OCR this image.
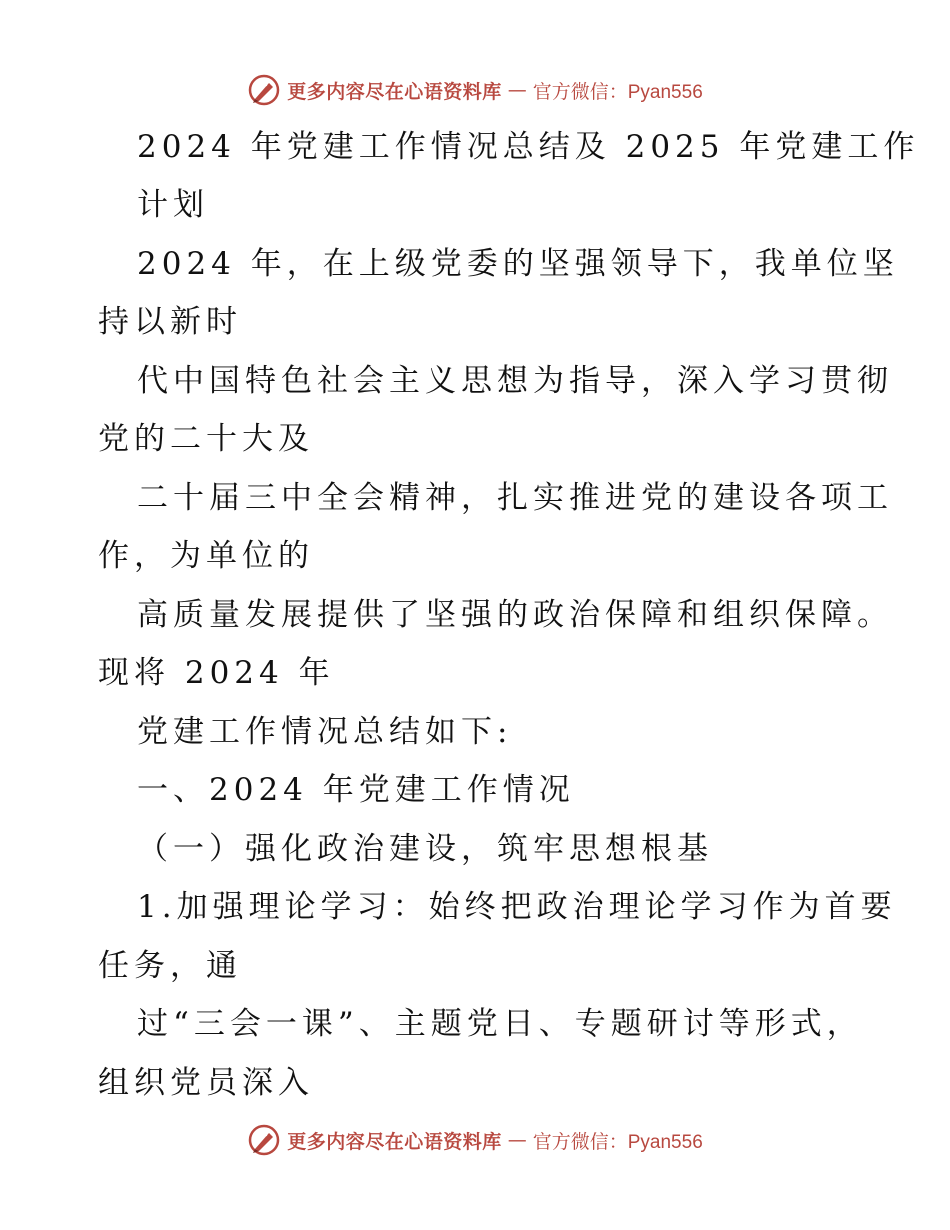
更多内容尽在心语资料库 — 官方微信：Pyan556
2024 年党建工作情况总结及 2025 年党建工作
计划
2024 年，在上级党委的坚强领导下，我单位坚
持以新时
代中国特色社会主义思想为指导，深入学习贯彻
党的二十大及
二十届三中全会精神，扎实推进党的建设各项工
作，为单位的
高质量发展提供了坚强的政治保障和组织保障。
现将 2024 年
党建工作情况总结如下:
一、2024 年党建工作情况
（一）强化政治建设，筑牢思想根基
1.加强理论学习：始终把政治理论学习作为首要
任务，通
过“三会一课”、主题党日、专题研讨等形式，
组织党员深入
更多内容尽在心语资料库 — 官方微信：Pyan556
